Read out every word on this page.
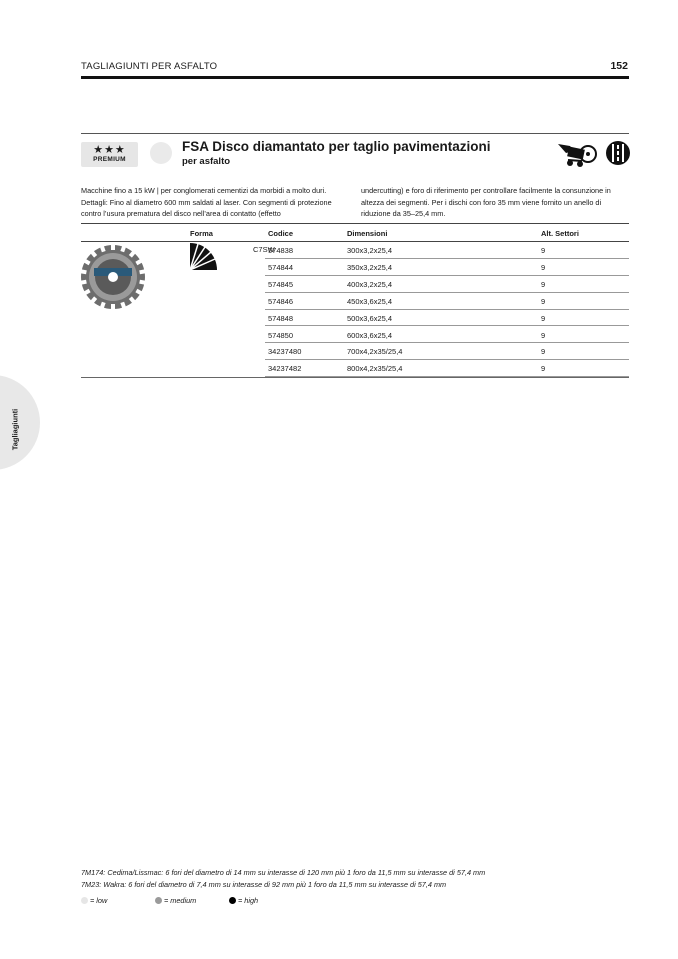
TAGLIAGIUNTI PER ASFALTO	152
★★★
PREMIUM
FSA Disco diamantato per taglio pavimentazioni
per asfalto
Macchine fino a 15 kW | per conglomerati cementizi da morbidi a molto duri. Dettagli: Fino al diametro 600 mm saldati al laser. Con segmenti di protezione contro l’usura prematura del disco nell’area di contatto (effetto
undercutting) e foro di riferimento per controllare facilmente la consunzione in altezza dei segmenti. Per i dischi con foro 35 mm viene fornito un anello di riduzione da 35–25,4 mm.
Forma	Codice	Dimensioni	Alt. Settori
C7SW
574838	300x3,2x25,4	9
574844	350x3,2x25,4	9
574845	400x3,2x25,4	9
574846	450x3,6x25,4	9
574848	500x3,6x25,4	9
574850	600x3,6x25,4	9
34237480	700x4,2x35/25,4	9
34237482	800x4,2x35/25,4	9
Tagliagiunti
7M174: Cedima/Lissmac: 6 fori del diametro di 14 mm su interasse di 120 mm più 1 foro da 11,5 mm su interasse di 57,4 mm
7M23: Wakra: 6 fori del diametro di 7,4 mm su interasse di 92 mm più 1 foro da 11,5 mm su interasse di 57,4 mm
= low	= medium	= high
